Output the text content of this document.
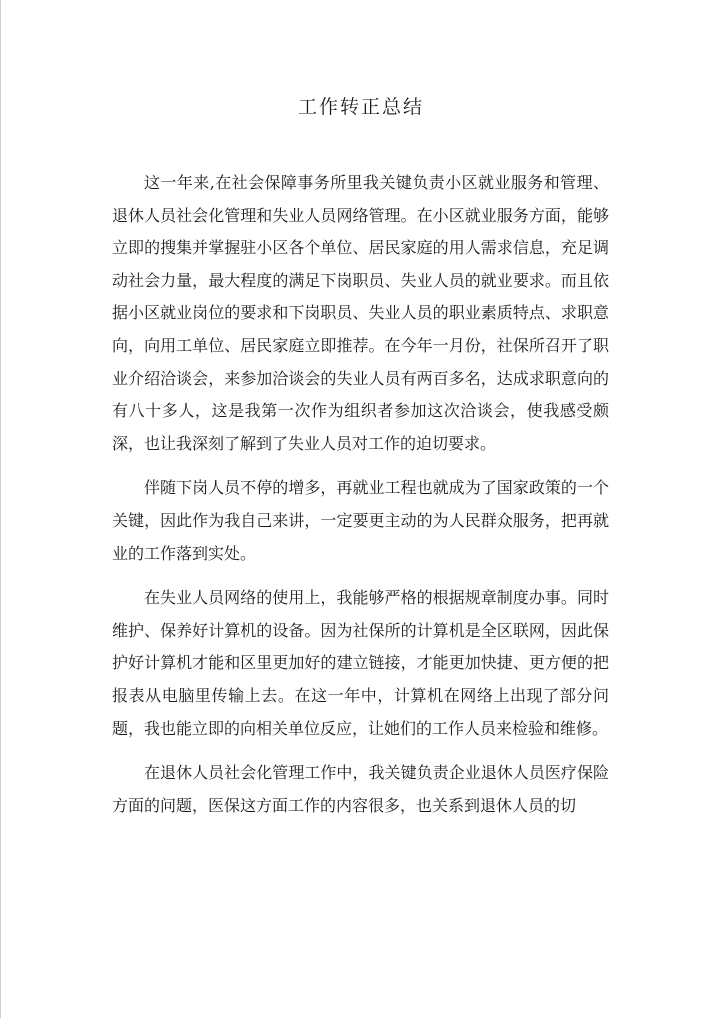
工作转正总结

这一年来,在社会保障事务所里我关键负责小区就业服务和管理、退休人员社会化管理和失业人员网络管理。在小区就业服务方面，能够立即的搜集并掌握驻小区各个单位、居民家庭的用人需求信息，充足调动社会力量，最大程度的满足下岗职员、失业人员的就业要求。而且依据小区就业岗位的要求和下岗职员、失业人员的职业素质特点、求职意向，向用工单位、居民家庭立即推荐。在今年一月份，社保所召开了职业介绍洽谈会，来参加洽谈会的失业人员有两百多名，达成求职意向的有八十多人，这是我第一次作为组织者参加这次洽谈会，使我感受颇深，也让我深刻了解到了失业人员对工作的迫切要求。

伴随下岗人员不停的增多，再就业工程也就成为了国家政策的一个关键，因此作为我自己来讲，一定要更主动的为人民群众服务，把再就业的工作落到实处。

在失业人员网络的使用上，我能够严格的根据规章制度办事。同时维护、保养好计算机的设备。因为社保所的计算机是全区联网，因此保护好计算机才能和区里更加好的建立链接，才能更加快捷、更方便的把报表从电脑里传输上去。在这一年中，计算机在网络上出现了部分问题，我也能立即的向相关单位反应，让她们的工作人员来检验和维修。

在退休人员社会化管理工作中，我关键负责企业退休人员医疗保险方面的问题，医保这方面工作的内容很多，也关系到退休人员的切
